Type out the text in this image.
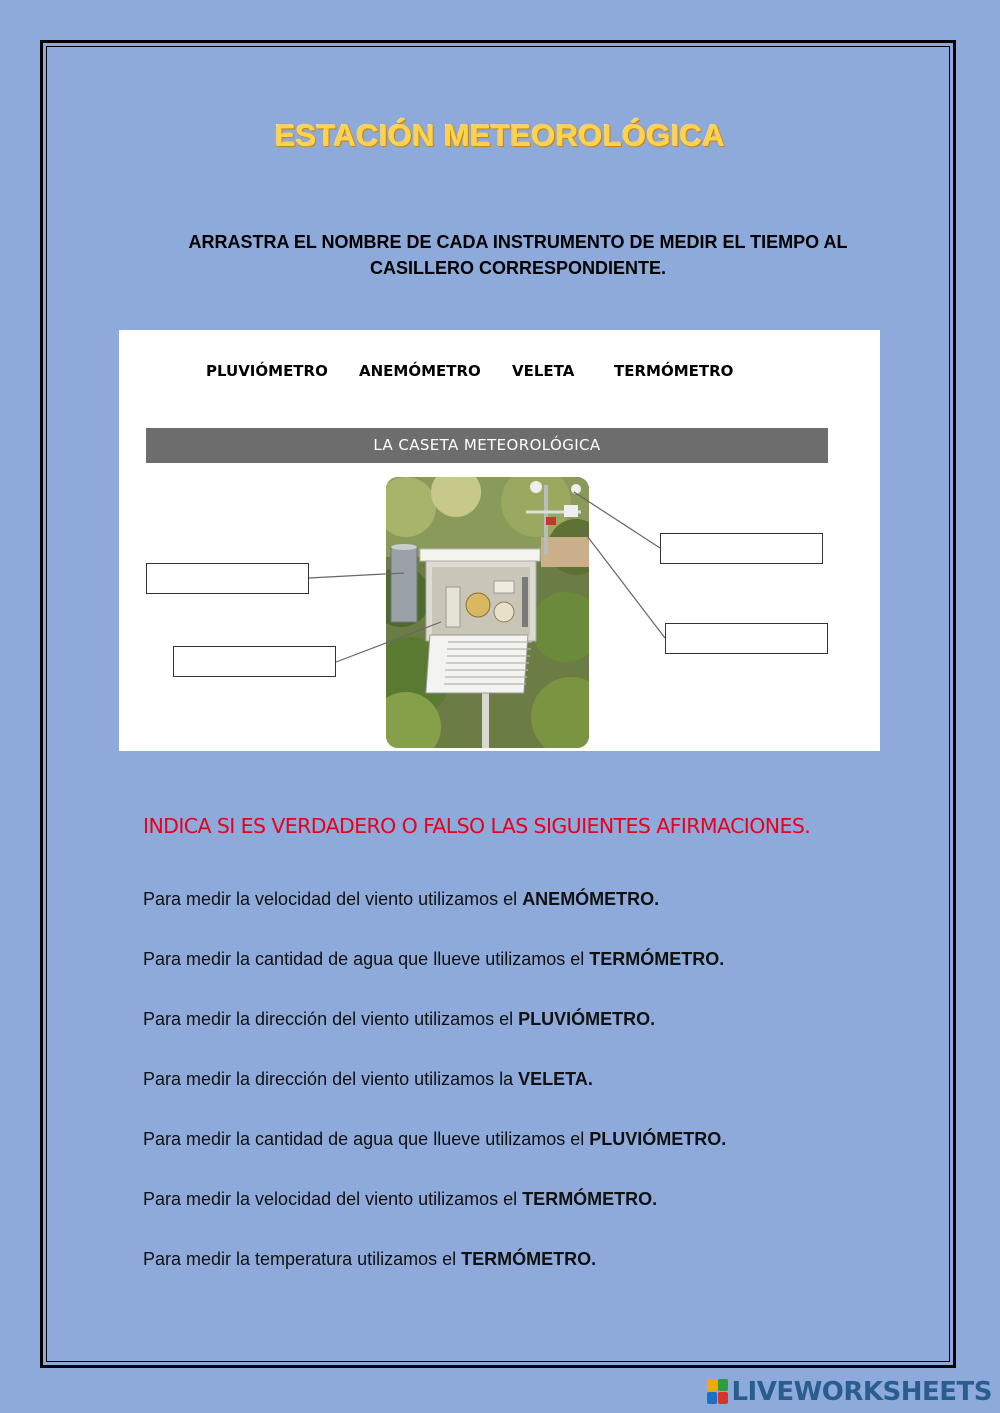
ESTACIÓN METEOROLÓGICA
ARRASTRA EL NOMBRE DE CADA INSTRUMENTO DE MEDIR EL TIEMPO AL
CASILLERO CORRESPONDIENTE.
PLUVIÓMETRO ANEMÓMETRO VELETA	TERMÓMETRO
LA CASETA METEOROLÓGICA
INDICA SI ES VERDADERO O FALSO LAS SIGUIENTES AFIRMACIONES.
Para medir la velocidad del viento utilizamos el ANEMÓMETRO.
Para medir la cantidad de agua que llueve utilizamos el TERMÓMETRO.
Para medir la dirección del viento utilizamos el PLUVIÓMETRO.
Para medir la dirección del viento utilizamos la VELETA.
Para medir la cantidad de agua que llueve utilizamos el PLUVIÓMETRO.
Para medir la velocidad del viento utilizamos el TERMÓMETRO.
Para medir la temperatura utilizamos el TERMÓMETRO.
LIVEWORKSHEETS
